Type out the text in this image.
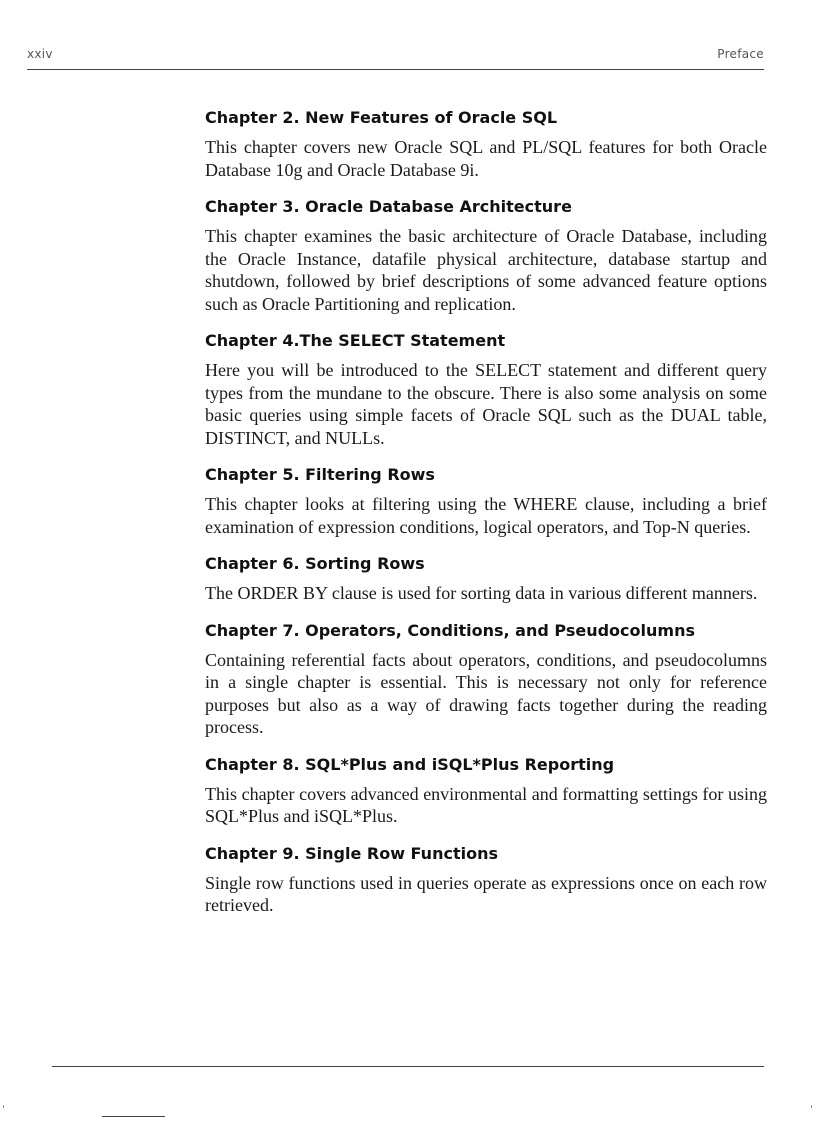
xxiv	Preface
Chapter 2. New Features of Oracle SQL

This chapter covers new Oracle SQL and PL/SQL features for both Oracle Database 10g and Oracle Database 9i.

Chapter 3. Oracle Database Architecture

This chapter examines the basic architecture of Oracle Database, including the Oracle Instance, datafile physical architecture, database startup and shutdown, followed by brief descriptions of some advanced feature options such as Oracle Partitioning and replication.

Chapter 4.The SELECT Statement

Here you will be introduced to the SELECT statement and different query types from the mundane to the obscure. There is also some analysis on some basic queries using simple facets of Oracle SQL such as the DUAL table, DISTINCT, and NULLs.

Chapter 5. Filtering Rows

This chapter looks at filtering using the WHERE clause, including a brief examination of expression conditions, logical operators, and Top-N queries.

Chapter 6. Sorting Rows

The ORDER BY clause is used for sorting data in various different manners.

Chapter 7. Operators, Conditions, and Pseudocolumns

Containing referential facts about operators, conditions, and pseudocolumns in a single chapter is essential. This is necessary not only for reference purposes but also as a way of drawing facts together during the reading process.

Chapter 8. SQL*Plus and iSQL*Plus Reporting

This chapter covers advanced environmental and formatting settings for using SQL*Plus and iSQL*Plus.

Chapter 9. Single Row Functions

Single row functions used in queries operate as expressions once on each row retrieved.
